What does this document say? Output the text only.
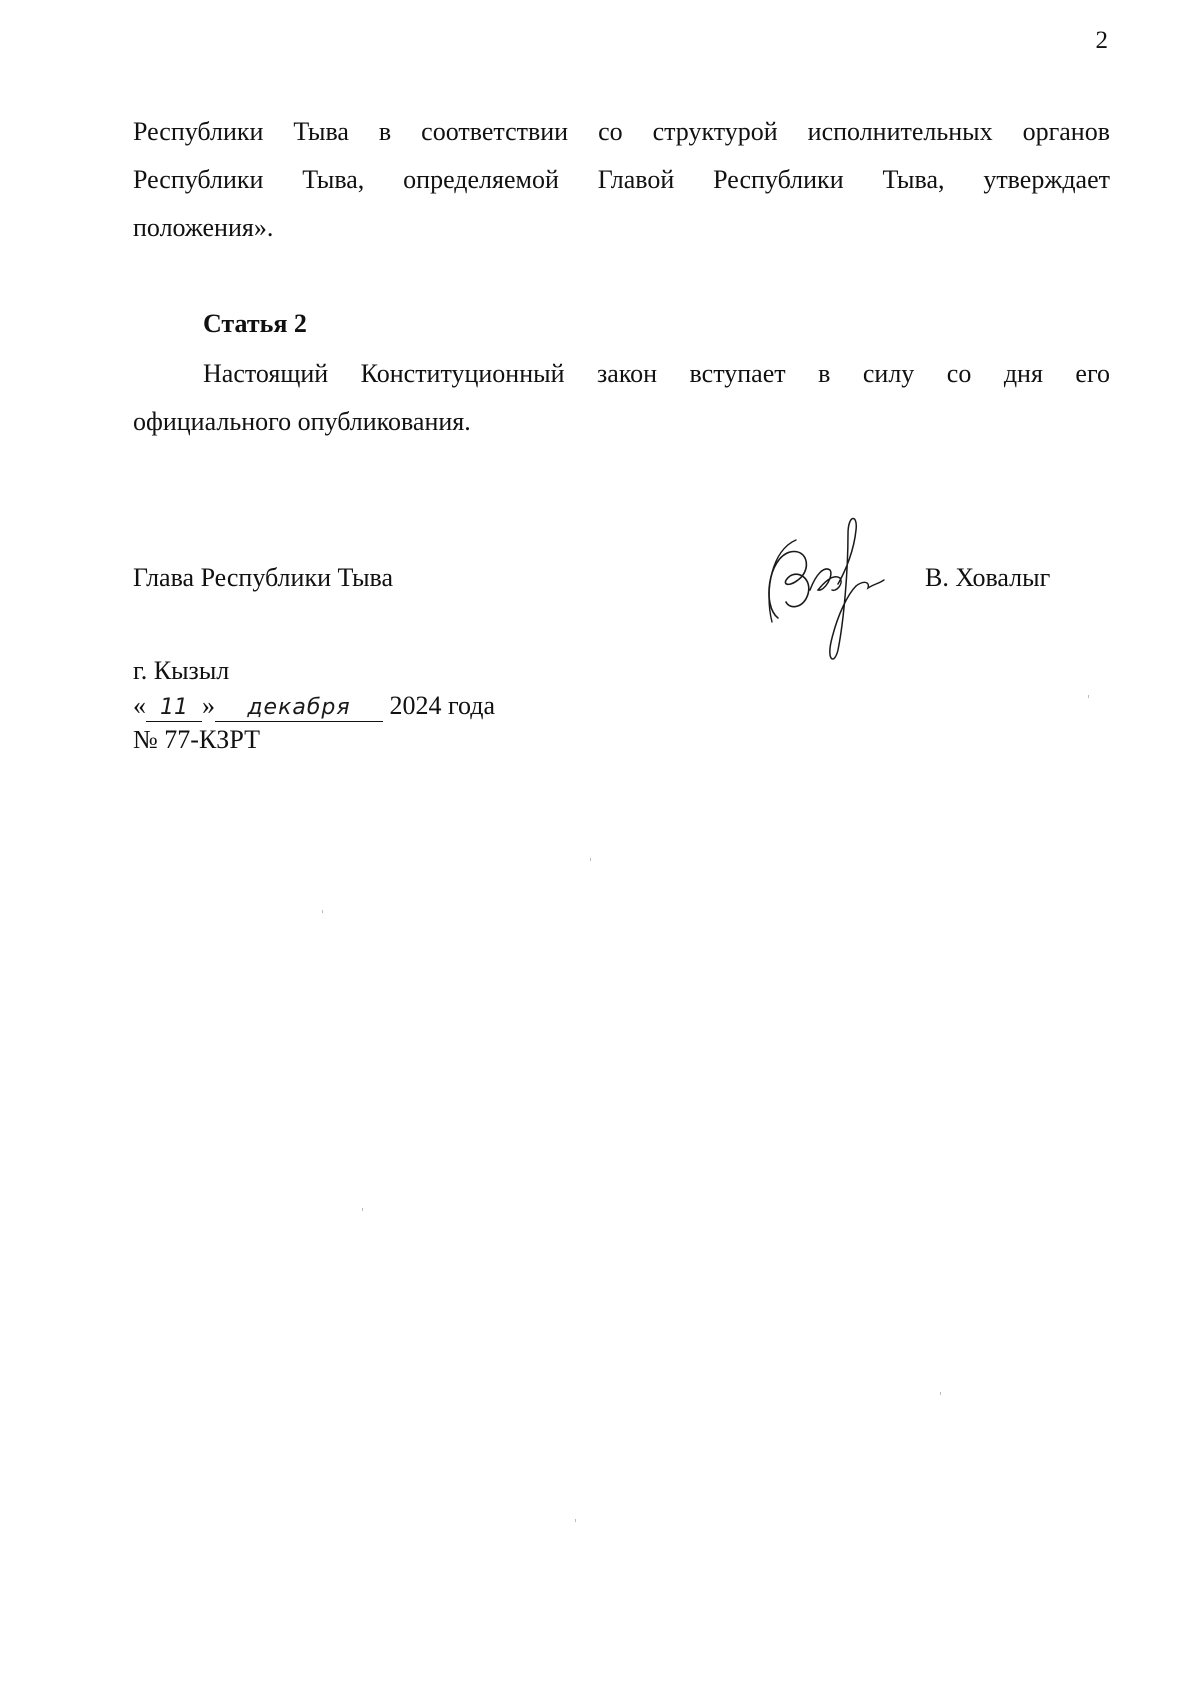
2
Республики Тыва в соответствии со структурой исполнительных органов
Республики Тыва, определяемой Главой Республики Тыва, утверждает
положения».
Статья 2
Настоящий Конституционный закон вступает в силу со дня его
официального опубликования.
Глава Республики Тыва	В. Ховалыг
г. Кызыл
« 11 » декабря 2024 года
№ 77-КЗРТ
